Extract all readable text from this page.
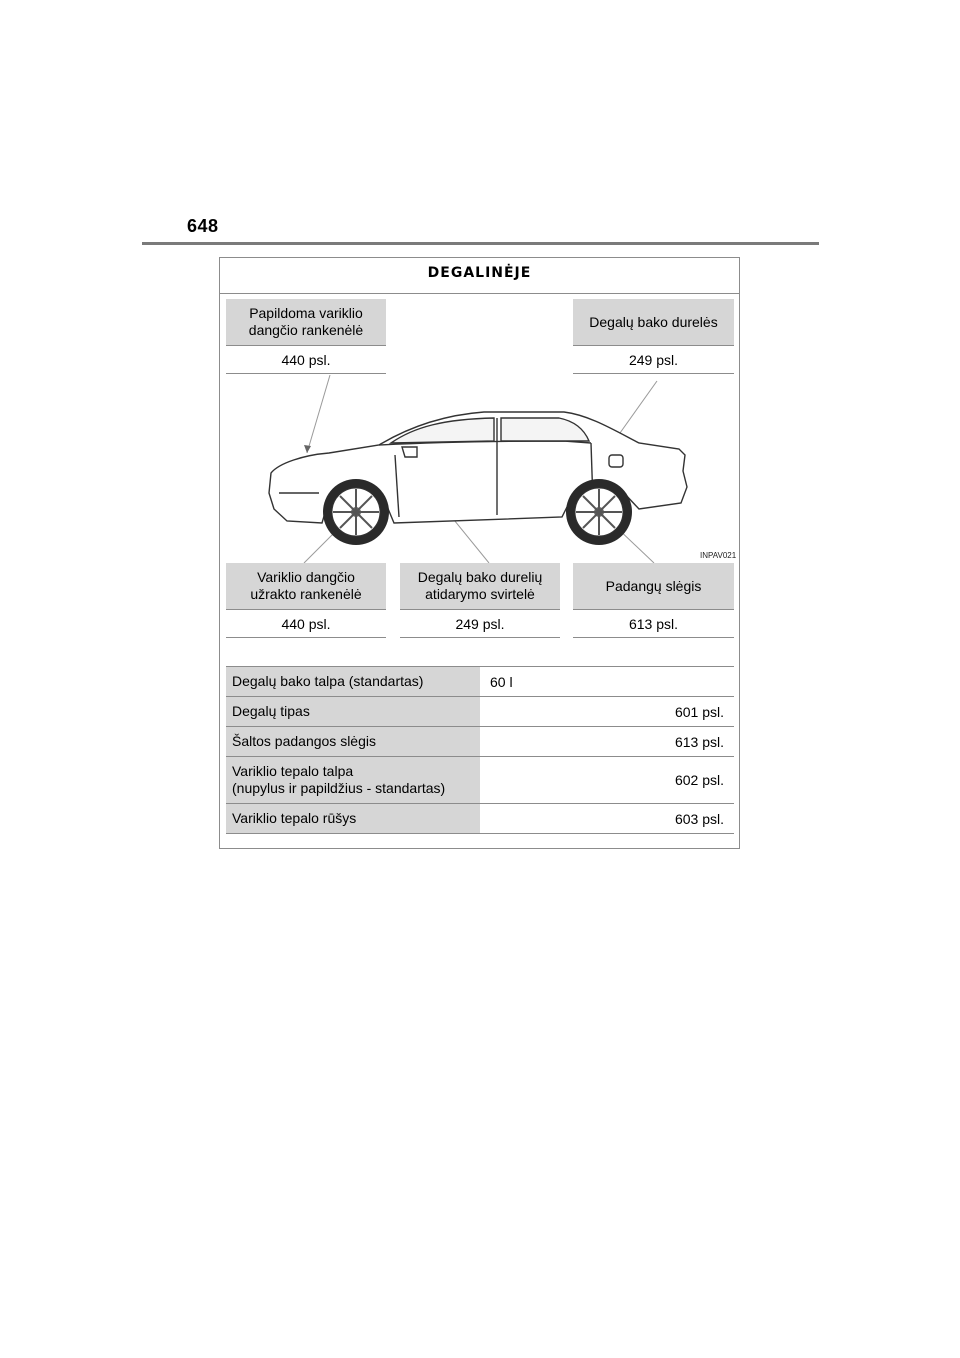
648
DEGALINĖJE
Papildoma variklio
dangčio rankenėlė
440 psl.
Degalų bako durelės
249 psl.
INPAV021
Variklio dangčio
užrakto rankenėlė
440 psl.
Degalų bako durelių
atidarymo svirtelė
249 psl.
Padangų slėgis
613 psl.
Degalų bako talpa (standartas)	60 l
Degalų tipas	601 psl.
Šaltos padangos slėgis	613 psl.
Variklio tepalo talpa
(nupylus ir papildžius - standartas)	602 psl.
Variklio tepalo rūšys	603 psl.
